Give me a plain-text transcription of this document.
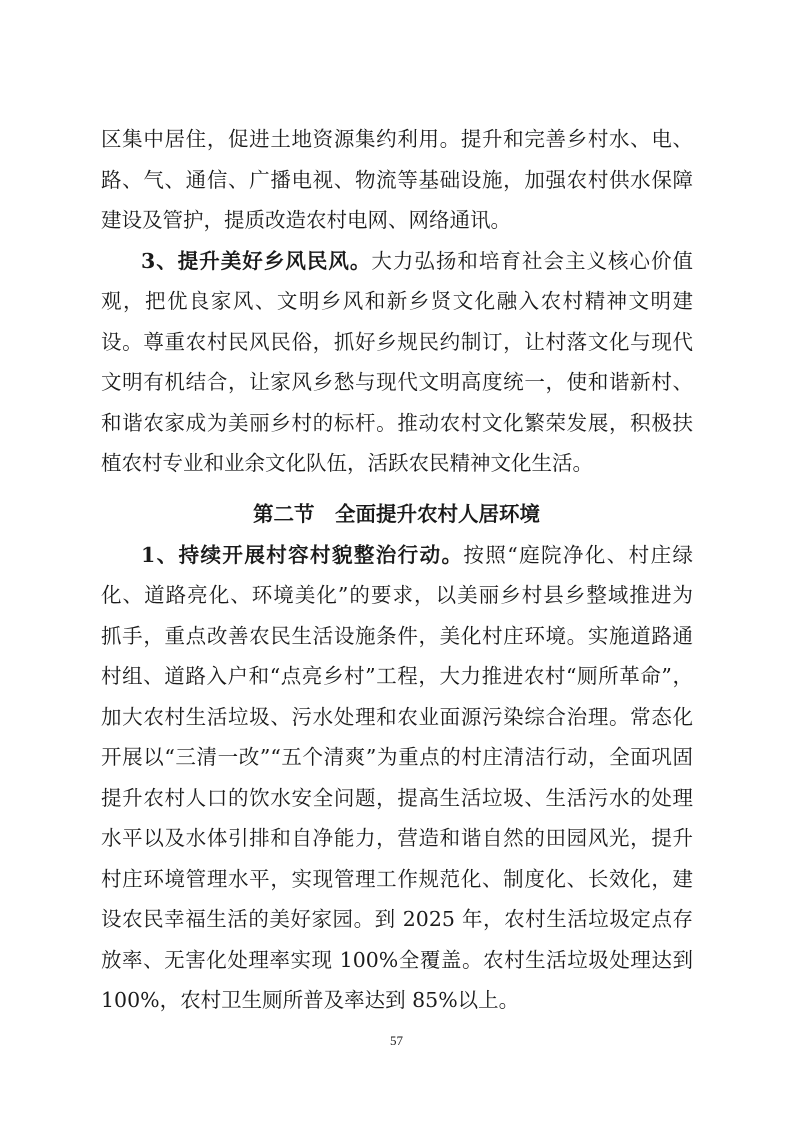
区集中居住，促进土地资源集约利用。提升和完善乡村水、电、
路、气、通信、广播电视、物流等基础设施，加强农村供水保障
建设及管护，提质改造农村电网、网络通讯。
3、提升美好乡风民风。大力弘扬和培育社会主义核心价值
观，把优良家风、文明乡风和新乡贤文化融入农村精神文明建
设。尊重农村民风民俗，抓好乡规民约制订，让村落文化与现代
文明有机结合，让家风乡愁与现代文明高度统一，使和谐新村、
和谐农家成为美丽乡村的标杆。推动农村文化繁荣发展，积极扶
植农村专业和业余文化队伍，活跃农民精神文化生活。
第二节　全面提升农村人居环境
1、持续开展村容村貌整治行动。按照“庭院净化、村庄绿
化、道路亮化、环境美化”的要求，以美丽乡村县乡整域推进为
抓手，重点改善农民生活设施条件，美化村庄环境。实施道路通
村组、道路入户和“点亮乡村”工程，大力推进农村“厕所革命”，
加大农村生活垃圾、污水处理和农业面源污染综合治理。常态化
开展以“三清一改”“五个清爽”为重点的村庄清洁行动，全面巩固
提升农村人口的饮水安全问题，提高生活垃圾、生活污水的处理
水平以及水体引排和自净能力，营造和谐自然的田园风光，提升
村庄环境管理水平，实现管理工作规范化、制度化、长效化，建
设农民幸福生活的美好家园。到 2025 年，农村生活垃圾定点存
放率、无害化处理率实现 100%全覆盖。农村生活垃圾处理达到
100%，农村卫生厕所普及率达到 85%以上。
57
